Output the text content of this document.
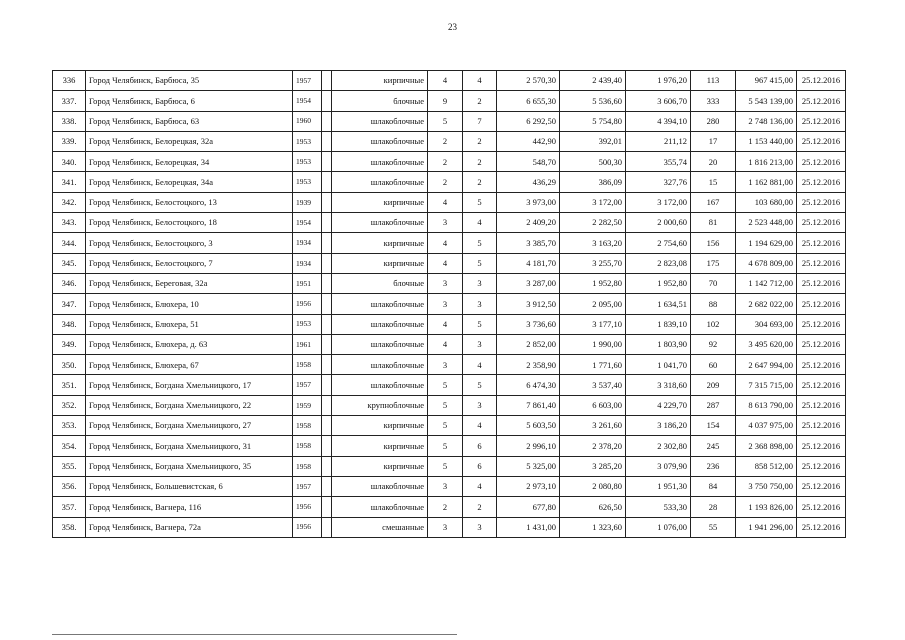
23
336	Город Челябинск, Барбюса, 35	1957		кирпичные	4	4	2 570,30	2 439,40	1 976,20	113	967 415,00	25.12.2016
337.	Город Челябинск, Барбюса, 6	1954		блочные	9	2	6 655,30	5 536,60	3 606,70	333	5 543 139,00	25.12.2016
338.	Город Челябинск, Барбюса, 63	1960		шлакоблочные	5	7	6 292,50	5 754,80	4 394,10	280	2 748 136,00	25.12.2016
339.	Город Челябинск, Белорецкая, 32а	1953		шлакоблочные	2	2	442,90	392,01	211,12	17	1 153 440,00	25.12.2016
340.	Город Челябинск, Белорецкая, 34	1953		шлакоблочные	2	2	548,70	500,30	355,74	20	1 816 213,00	25.12.2016
341.	Город Челябинск, Белорецкая, 34а	1953		шлакоблочные	2	2	436,29	386,09	327,76	15	1 162 881,00	25.12.2016
342.	Город Челябинск, Белостоцкого, 13	1939		кирпичные	4	5	3 973,00	3 172,00	3 172,00	167	103 680,00	25.12.2016
343.	Город Челябинск, Белостоцкого, 18	1954		шлакоблочные	3	4	2 409,20	2 282,50	2 000,60	81	2 523 448,00	25.12.2016
344.	Город Челябинск, Белостоцкого, 3	1934		кирпичные	4	5	3 385,70	3 163,20	2 754,60	156	1 194 629,00	25.12.2016
345.	Город Челябинск, Белостоцкого, 7	1934		кирпичные	4	5	4 181,70	3 255,70	2 823,08	175	4 678 809,00	25.12.2016
346.	Город Челябинск, Береговая, 32а	1951		блочные	3	3	3 287,00	1 952,80	1 952,80	70	1 142 712,00	25.12.2016
347.	Город Челябинск, Блюхера, 10	1956		шлакоблочные	3	3	3 912,50	2 095,00	1 634,51	88	2 682 022,00	25.12.2016
348.	Город Челябинск, Блюхера, 51	1953		шлакоблочные	4	5	3 736,60	3 177,10	1 839,10	102	304 693,00	25.12.2016
349.	Город Челябинск, Блюхера, д. 63	1961		шлакоблочные	4	3	2 852,00	1 990,00	1 803,90	92	3 495 620,00	25.12.2016
350.	Город Челябинск, Блюхера, 67	1958		шлакоблочные	3	4	2 358,90	1 771,60	1 041,70	60	2 647 994,00	25.12.2016
351.	Город Челябинск, Богдана Хмельницкого, 17	1957		шлакоблочные	5	5	6 474,30	3 537,40	3 318,60	209	7 315 715,00	25.12.2016
352.	Город Челябинск, Богдана Хмельницкого, 22	1959		крупноблочные	5	3	7 861,40	6 603,00	4 229,70	287	8 613 790,00	25.12.2016
353.	Город Челябинск, Богдана Хмельницкого, 27	1958		кирпичные	5	4	5 603,50	3 261,60	3 186,20	154	4 037 975,00	25.12.2016
354.	Город Челябинск, Богдана Хмельницкого, 31	1958		кирпичные	5	6	2 996,10	2 378,20	2 302,80	245	2 368 898,00	25.12.2016
355.	Город Челябинск, Богдана Хмельницкого, 35	1958		кирпичные	5	6	5 325,00	3 285,20	3 079,90	236	858 512,00	25.12.2016
356.	Город Челябинск, Большевистская, 6	1957		шлакоблочные	3	4	2 973,10	2 080,80	1 951,30	84	3 750 750,00	25.12.2016
357.	Город Челябинск, Вагнера, 116	1956		шлакоблочные	2	2	677,80	626,50	533,30	28	1 193 826,00	25.12.2016
358.	Город Челябинск, Вагнера, 72а	1956		смешанные	3	3	1 431,00	1 323,60	1 076,00	55	1 941 296,00	25.12.2016
